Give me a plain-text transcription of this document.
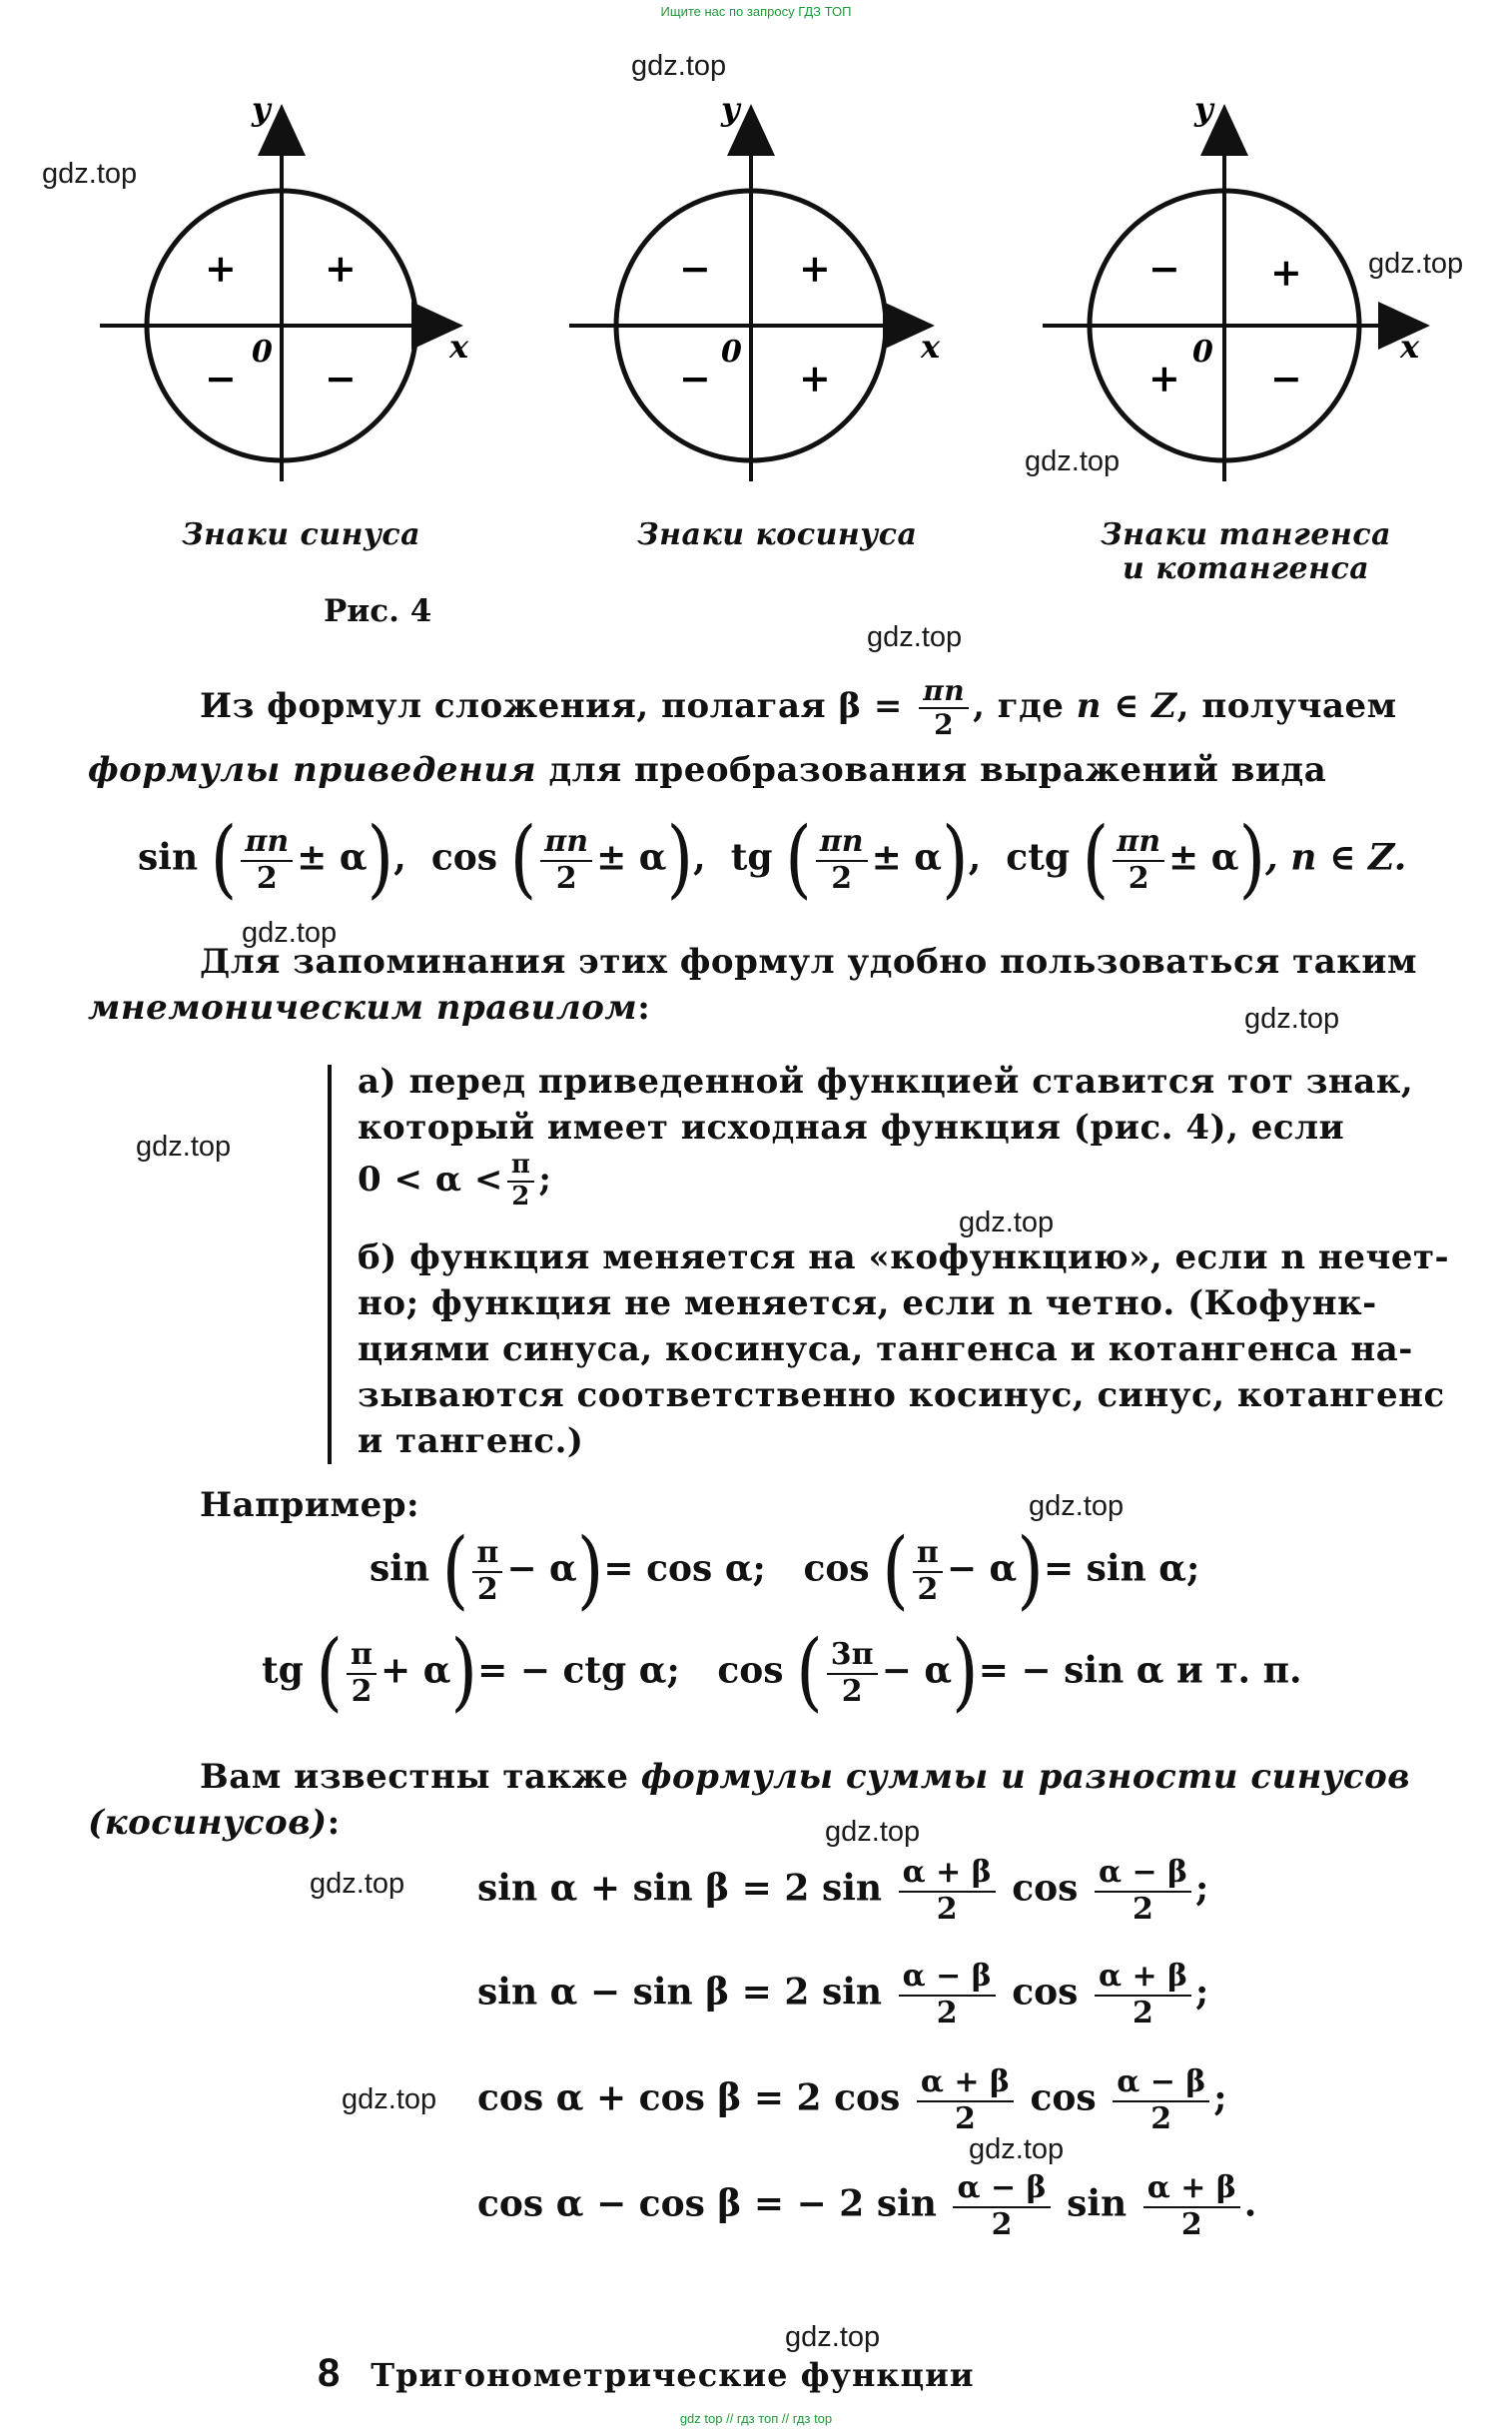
Ищите нас по запросу ГДЗ ТОП
gdz top // гдз топ // гдз top
gdz.top
gdz.top
gdz.top
gdz.top
gdz.top
gdz.top
gdz.top
gdz.top
gdz.top
gdz.top
gdz.top
gdz.top
gdz.top
gdz.top
gdz.top
y
x
0
+ +
− −
y
x
0
− +
− +
y
x
0
− +
+ −
Знаки синуса	Знаки косинуса	Знаки тангенса
и котангенса
Рис. 4
Из формул сложения, полагая $\beta = \frac{\pi n}{2}$ , где n ∈ Z, получаем
формулы приведения для преобразования выражений вида
sin ( $\frac{\pi n}{2} \pm \alpha$),  cos ( $\frac{\pi n}{2} \pm \alpha$),  tg ( $\frac{\pi n}{2} \pm \alpha$),  ctg ( $\frac{\pi n}{2} \pm \alpha$), n ∈ Z.
Для запоминания этих формул удобно пользоваться таким
мнемоническим правилом:
а) перед приведенной функцией ставится тот знак,
который имеет исходная функция (рис. 4), если
$0 < \alpha < \frac{\pi}{2}$ ;
б) функция меняется на «кофункцию», если n нечет-
но; функция не меняется, если n четно. (Кофунк-
циями синуса, косинуса, тангенса и котангенса на-
зываются соответственно косинус, синус, котангенс
и тангенс.)
Например:
sin ( $\frac{\pi}{2} - \alpha)= \cos \alpha$; cos ( $\frac{\pi}{2} - \alpha)= \sin \alpha$;
tg ( $\frac{\pi}{2} + \alpha)=$ − ctg α; cos ( $\frac{3\pi}{2} - \alpha)= - \sin \alpha$ и т. п.
Вам известны также формулы суммы и разности синусов
(косинусов):
sin α + sin β = 2 $\sin \frac{\alpha + \beta}{2}$ $\cos \frac{\alpha - \beta}{2}$ ;
sin α − sin β = 2 $\sin \frac{\alpha - \beta}{2}$ $\cos \frac{\alpha + \beta}{2}$ ;
cos α + cos β = 2 $\cos \frac{\alpha + \beta}{2}$ $\cos \frac{\alpha - \beta}{2}$ ;
cos α − cos β = − 2 $\sin \frac{\alpha - \beta}{2}$ $\sin \frac{\alpha + \beta}{2}$ .
8 Тригонометрические функции
